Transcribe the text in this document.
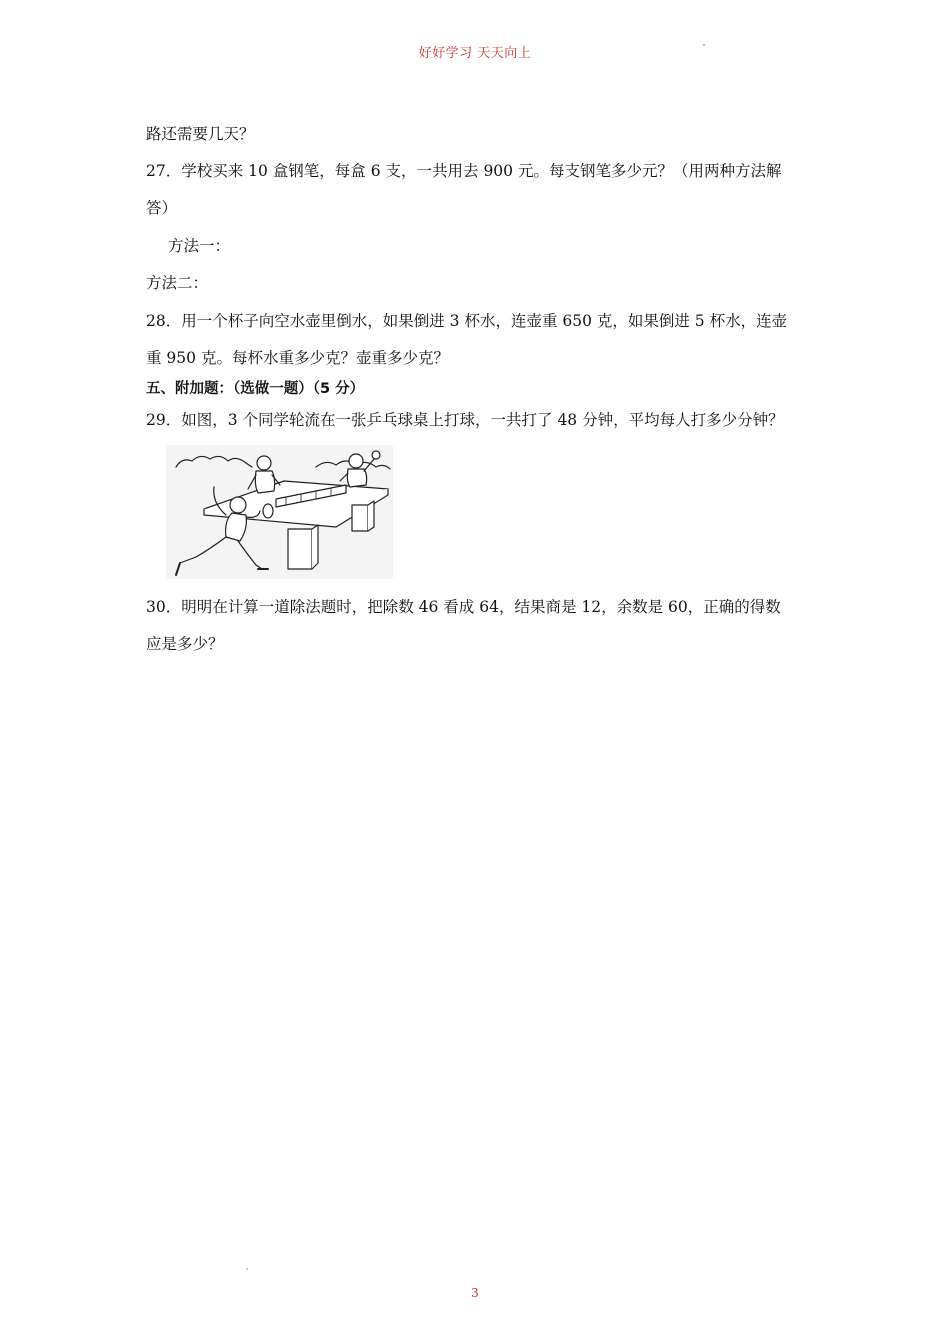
好好学习 天天向上
路还需要几天？
27．学校买来 10 盒钢笔，每盒 6 支，一共用去 900 元。每支钢笔多少元？（用两种方法解
答）
方法一：
方法二：
28．用一个杯子向空水壶里倒水，如果倒进 3 杯水，连壶重 650 克，如果倒进 5 杯水，连壶
重 950 克。每杯水重多少克？壶重多少克？
五、附加题：（选做一题）（5 分）
29．如图，3 个同学轮流在一张乒乓球桌上打球，一共打了 48 分钟，平均每人打多少分钟？
30．明明在计算一道除法题时，把除数 46 看成 64，结果商是 12，余数是 60，正确的得数
应是多少？
3
